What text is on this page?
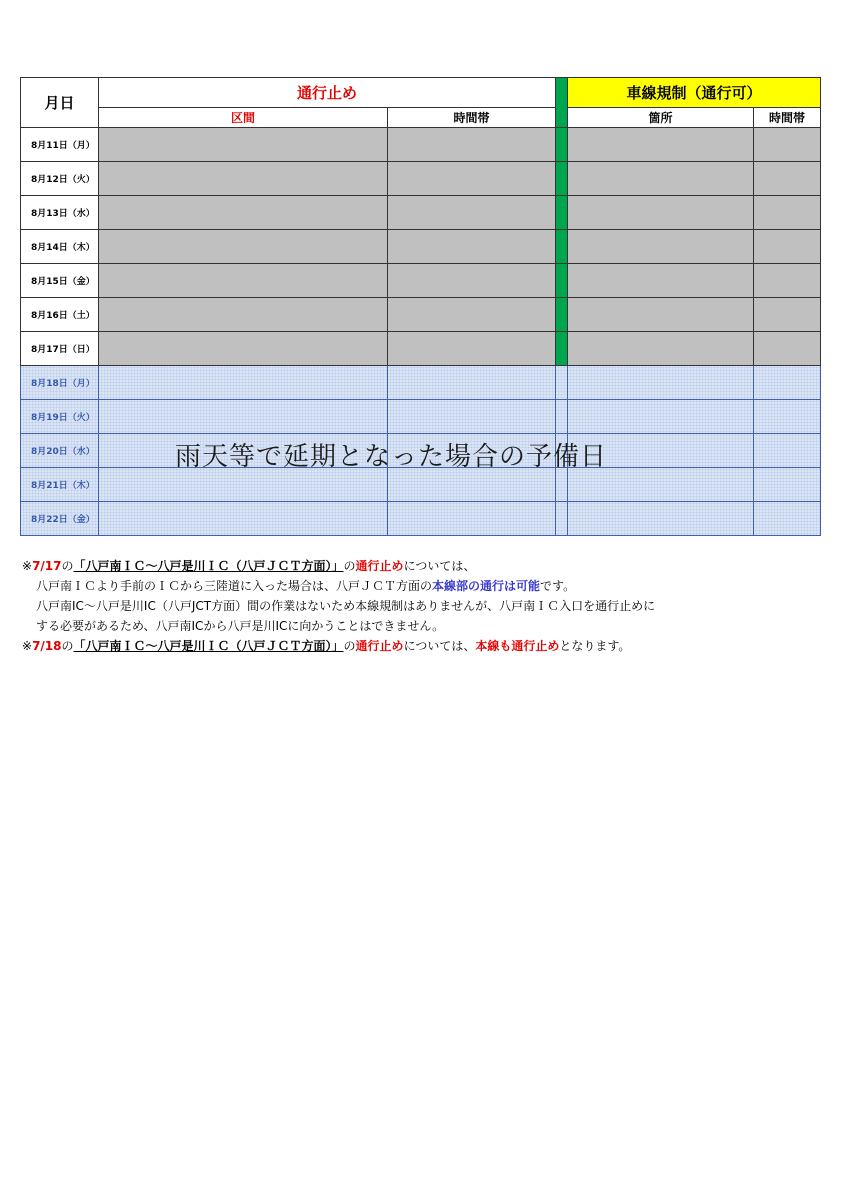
月日	通行止め			車線規制（通行可）	
	区間	時間帯		箇所	時間帯
8月11日（月）					
8月12日（火）					
8月13日（水）					
8月14日（木）					
8月15日（金）					
8月16日（土）					
8月17日（日）					
8月18日（月）					
8月19日（火）					
8月20日（水）					
8月21日（木）					
8月22日（金）					
雨天等で延期となった場合の予備日

※7/17の「八戸南ＩＣ～八戸是川ＩＣ（八戸ＪＣＴ方面）」の通行止めについては、

八戸南ＩＣより手前のＩＣから三陸道に入った場合は、八戸ＪＣＴ方面の本線部の通行は可能です。

八戸南IC～八戸是川IC（八戸JCT方面）間の作業はないため本線規制はありませんが、八戸南ＩＣ入口を通行止めに

する必要があるため、八戸南ICから八戸是川ICに向かうことはできません。

※7/18の「八戸南ＩＣ～八戸是川ＩＣ（八戸ＪＣＴ方面）」の通行止めについては、本線も通行止めとなります。
